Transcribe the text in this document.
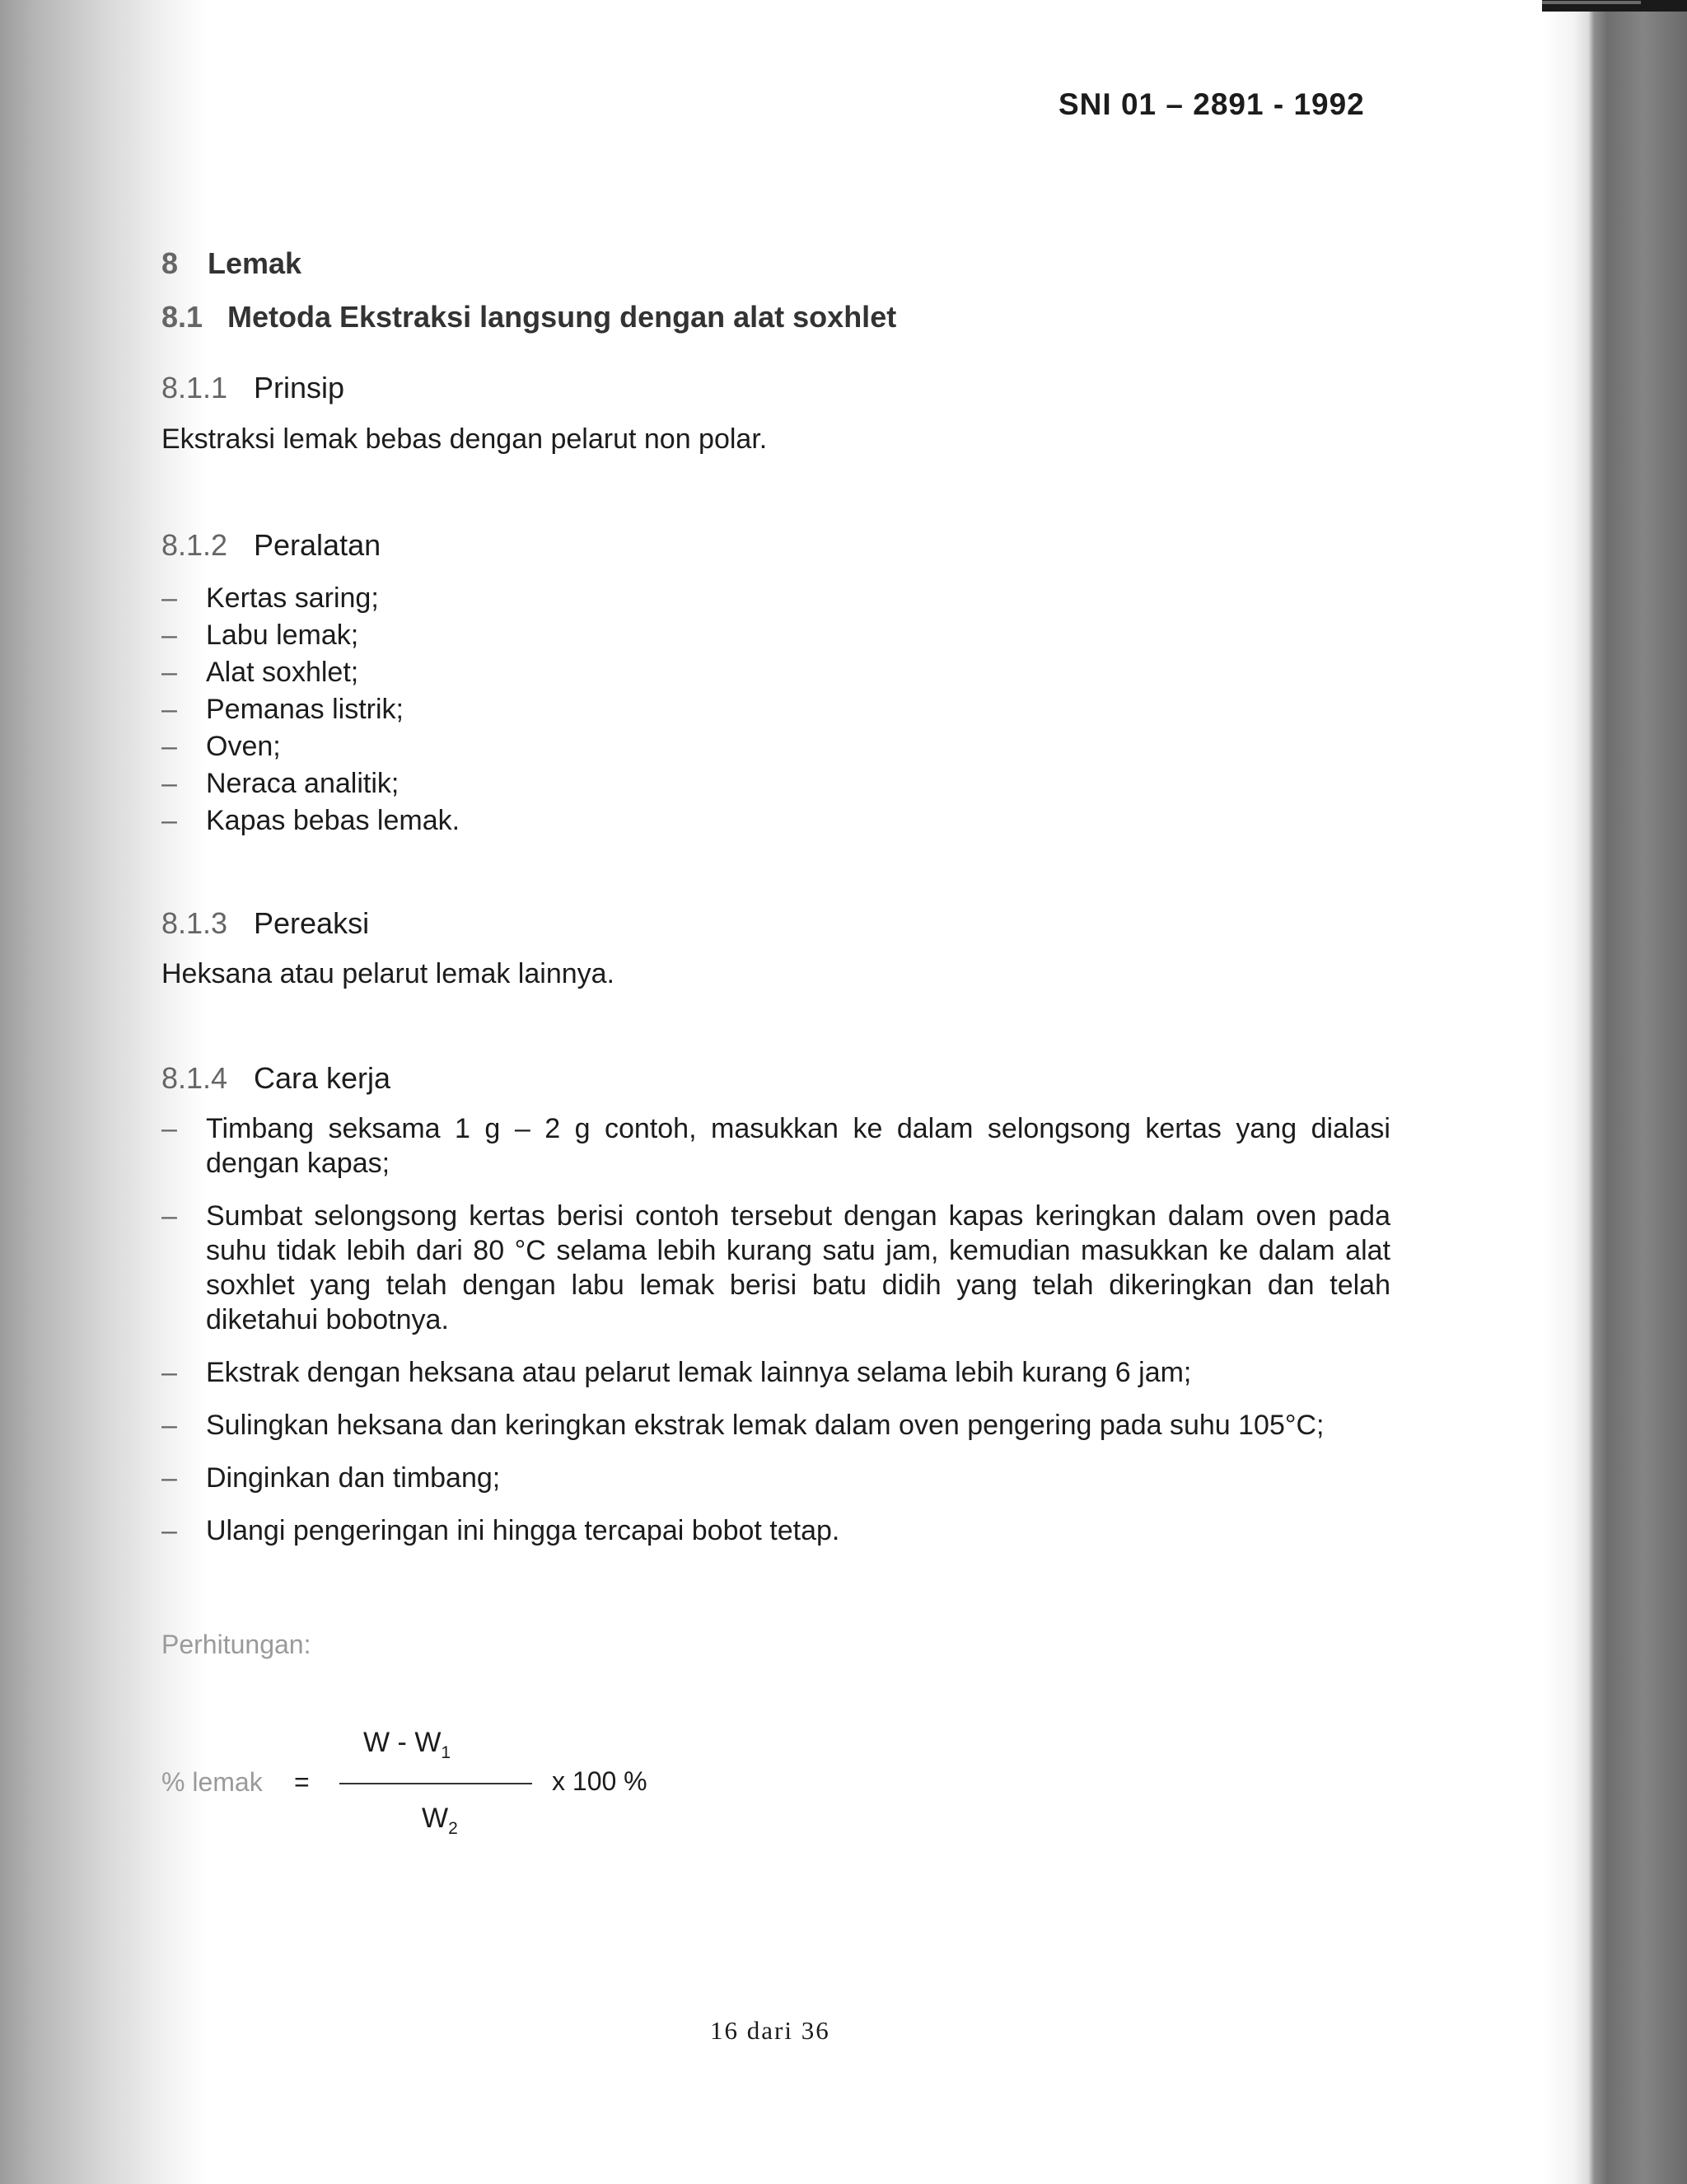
SNI 01 – 2891 - 1992
8 Lemak
8.1 Metoda Ekstraksi langsung dengan alat soxhlet
8.1.1 Prinsip
Ekstraksi lemak bebas dengan pelarut non polar.
8.1.2 Peralatan
– Kertas saring;
– Labu lemak;
– Alat soxhlet;
– Pemanas listrik;
– Oven;
– Neraca analitik;
– Kapas bebas lemak.
8.1.3 Pereaksi
Heksana atau pelarut lemak lainnya.
8.1.4 Cara kerja
– Timbang seksama 1 g – 2 g contoh, masukkan ke dalam selongsong kertas yang dialasi dengan kapas;
– Sumbat selongsong kertas berisi contoh tersebut dengan kapas keringkan dalam oven pada suhu tidak lebih dari 80 °C selama lebih kurang satu jam, kemudian masukkan ke dalam alat soxhlet yang telah dengan labu lemak berisi batu didih yang telah dikeringkan dan telah diketahui bobotnya.
– Ekstrak dengan heksana atau pelarut lemak lainnya selama lebih kurang 6 jam;
– Sulingkan heksana dan keringkan ekstrak lemak dalam oven pengering pada suhu 105°C;
– Dinginkan dan timbang;
– Ulangi pengeringan ini hingga tercapai bobot tetap.
Perhitungan:
% lemak =
W - $W_1$
$W_2$
x 100 %
16 dari 36
